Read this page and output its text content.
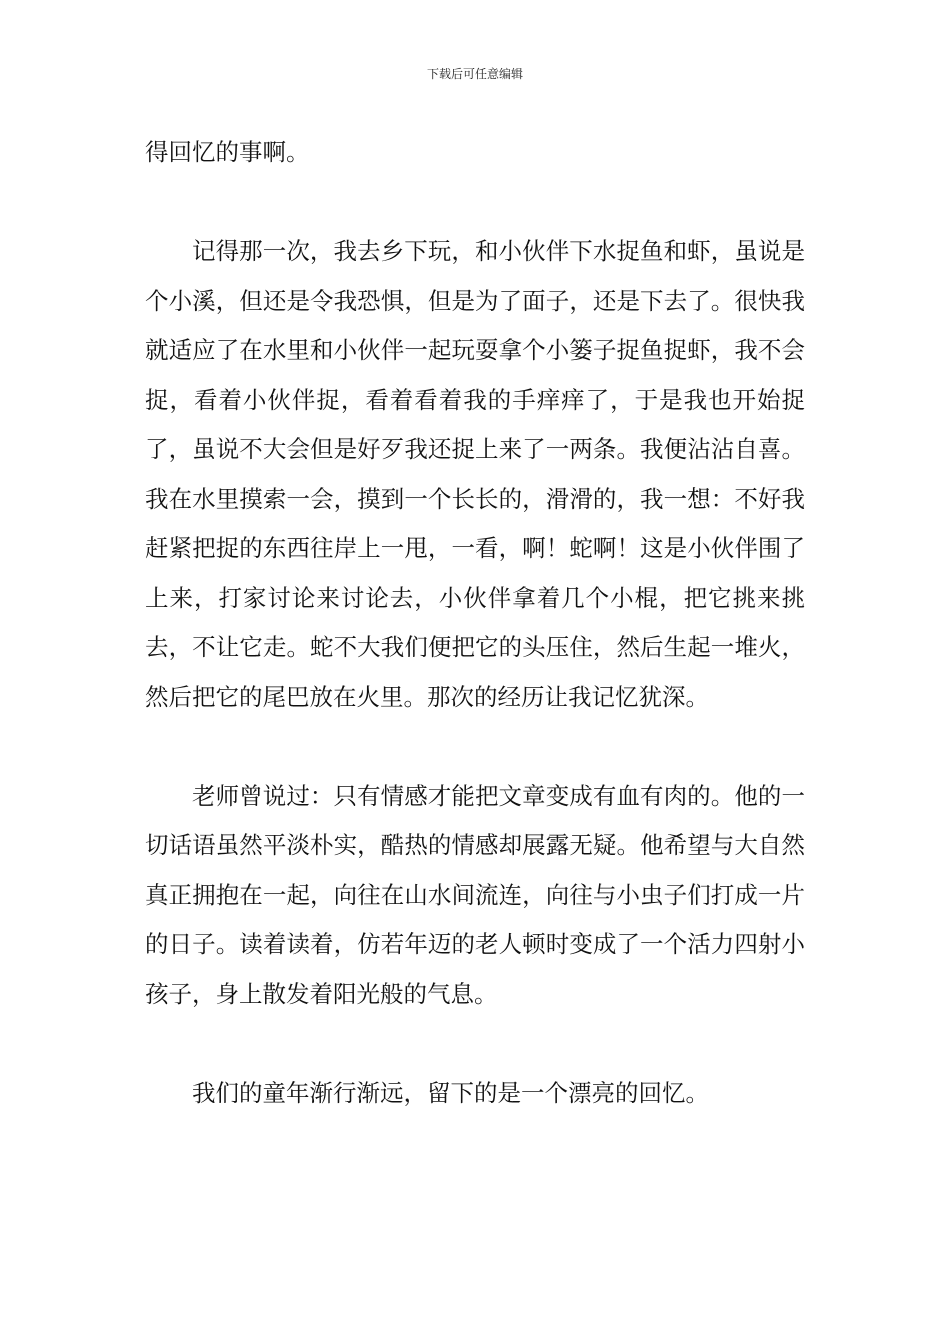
下载后可任意编辑

得回忆的事啊。

记得那一次，我去乡下玩，和小伙伴下水捉鱼和虾，虽说是个小溪，但还是令我恐惧，但是为了面子，还是下去了。很快我就适应了在水里和小伙伴一起玩耍拿个小篓子捉鱼捉虾，我不会捉，看着小伙伴捉，看着看着我的手痒痒了，于是我也开始捉了，虽说不大会但是好歹我还捉上来了一两条。我便沾沾自喜。我在水里摸索一会，摸到一个长长的，滑滑的，我一想：不好我赶紧把捉的东西往岸上一甩，一看，啊！蛇啊！这是小伙伴围了上来，打家讨论来讨论去，小伙伴拿着几个小棍，把它挑来挑去，不让它走。蛇不大我们便把它的头压住，然后生起一堆火，然后把它的尾巴放在火里。那次的经历让我记忆犹深。

老师曾说过：只有情感才能把文章变成有血有肉的。他的一切话语虽然平淡朴实，酷热的情感却展露无疑。他希望与大自然真正拥抱在一起，向往在山水间流连，向往与小虫子们打成一片的日子。读着读着，仿若年迈的老人顿时变成了一个活力四射小孩子，身上散发着阳光般的气息。

我们的童年渐行渐远，留下的是一个漂亮的回忆。
